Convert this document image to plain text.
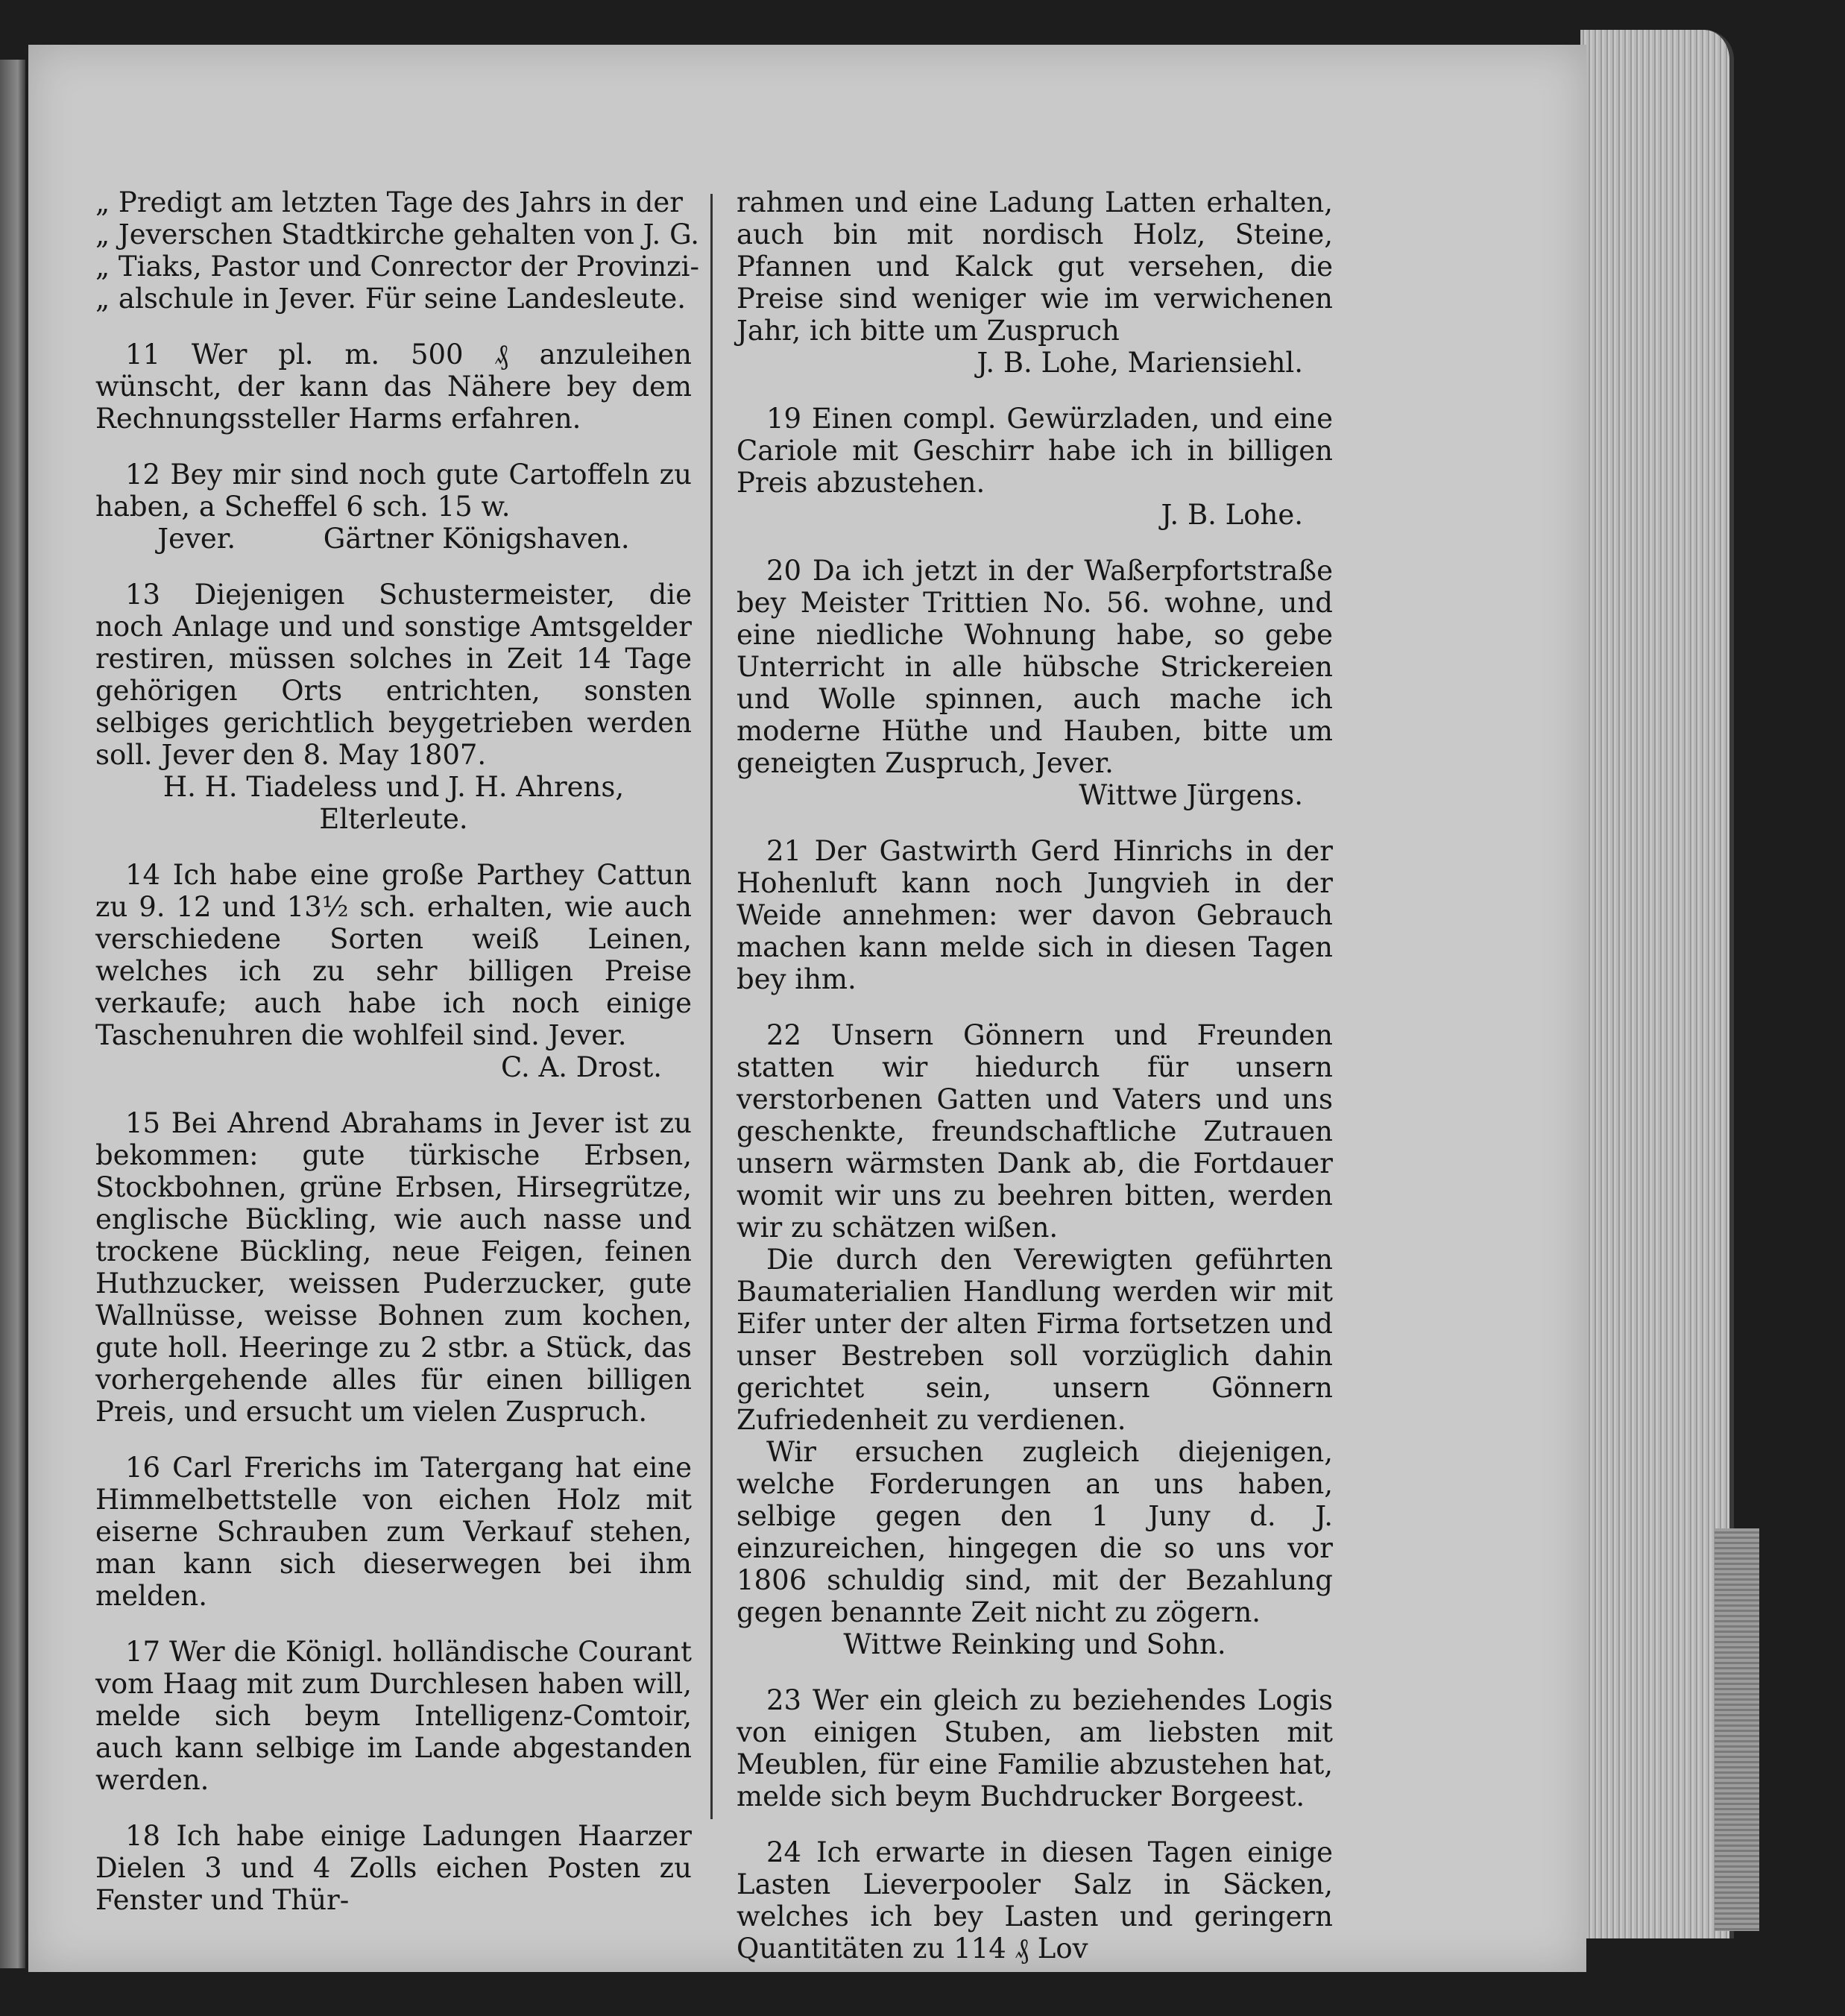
„ Predigt am letzten Tage des Jahrs in der
„ Jeverschen Stadtkirche gehalten von J. G.
„ Tiaks, Pastor und Conrector der Provinzi-
„ alschule in Jever. Für seine Landesleute.

11 Wer pl. m. 500 ₰ anzuleihen wünscht, der kann das Nähere bey dem Rechnungssteller Harms erfahren.

12 Bey mir sind noch gute Cartoffeln zu haben, a Scheffel 6 sch. 15 w.

Jever.          Gärtner Königshaven.

13 Diejenigen Schustermeister, die noch Anlage und und sonstige Amtsgelder restiren, müssen solches in Zeit 14 Tage gehörigen Orts entrichten, sonsten selbiges gerichtlich beygetrieben werden soll. Jever den 8. May 1807.

H. H. Tiadeless und J. H. Ahrens, Elterleute.

14 Ich habe eine große Parthey Cattun zu 9. 12 und 13½ sch. erhalten, wie auch verschiedene Sorten weiß Leinen, welches ich zu sehr billigen Preise verkaufe; auch habe ich noch einige Taschenuhren die wohlfeil sind. Jever.

C. A. Drost.

15 Bei Ahrend Abrahams in Jever ist zu bekommen: gute türkische Erbsen, Stockbohnen, grüne Erbsen, Hirsegrütze, englische Bückling, wie auch nasse und trockene Bückling, neue Feigen, feinen Huthzucker, weissen Puderzucker, gute Wallnüsse, weisse Bohnen zum kochen, gute holl. Heeringe zu 2 stbr. a Stück, das vorhergehende alles für einen billigen Preis, und ersucht um vielen Zuspruch.

16 Carl Frerichs im Tatergang hat eine Himmelbettstelle von eichen Holz mit eiserne Schrauben zum Verkauf stehen, man kann sich dieserwegen bei ihm melden.

17 Wer die Königl. holländische Courant vom Haag mit zum Durchlesen haben will, melde sich beym Intelligenz-Comtoir, auch kann selbige im Lande abgestanden werden.

18 Ich habe einige Ladungen Haarzer Dielen 3 und 4 Zolls eichen Posten zu Fenster und Thür-

rahmen und eine Ladung Latten erhalten, auch bin mit nordisch Holz, Steine, Pfannen und Kalck gut versehen, die Preise sind weniger wie im verwichenen Jahr, ich bitte um Zuspruch

J. B. Lohe, Mariensiehl.

19 Einen compl. Gewürzladen, und eine Cariole mit Geschirr habe ich in billigen Preis abzustehen.

J. B. Lohe.

20 Da ich jetzt in der Waßerpfortstraße bey Meister Trittien No. 56. wohne, und eine niedliche Wohnung habe, so gebe Unterricht in alle hübsche Strickereien und Wolle spinnen, auch mache ich moderne Hüthe und Hauben, bitte um geneigten Zuspruch, Jever.

Wittwe Jürgens.

21 Der Gastwirth Gerd Hinrichs in der Hohenluft kann noch Jungvieh in der Weide annehmen: wer davon Gebrauch machen kann melde sich in diesen Tagen bey ihm.

22 Unsern Gönnern und Freunden statten wir hiedurch für unsern verstorbenen Gatten und Vaters und uns geschenkte, freundschaftliche Zutrauen unsern wärmsten Dank ab, die Fortdauer womit wir uns zu beehren bitten, werden wir zu schätzen wißen.

Die durch den Verewigten geführten Baumaterialien Handlung werden wir mit Eifer unter der alten Firma fortsetzen und unser Bestreben soll vorzüglich dahin gerichtet sein, unsern Gönnern Zufriedenheit zu verdienen.

Wir ersuchen zugleich diejenigen, welche Forderungen an uns haben, selbige gegen den 1 Juny d. J. einzureichen, hingegen die so uns vor 1806 schuldig sind, mit der Bezahlung gegen benannte Zeit nicht zu zögern.

Wittwe Reinking und Sohn.

23 Wer ein gleich zu beziehendes Logis von einigen Stuben, am liebsten mit Meublen, für eine Familie abzustehen hat, melde sich beym Buchdrucker Borgeest.

24 Ich erwarte in diesen Tagen einige Lasten Lieverpooler Salz in Säcken, welches ich bey Lasten und geringern Quantitäten zu 114 ₰ Lov
